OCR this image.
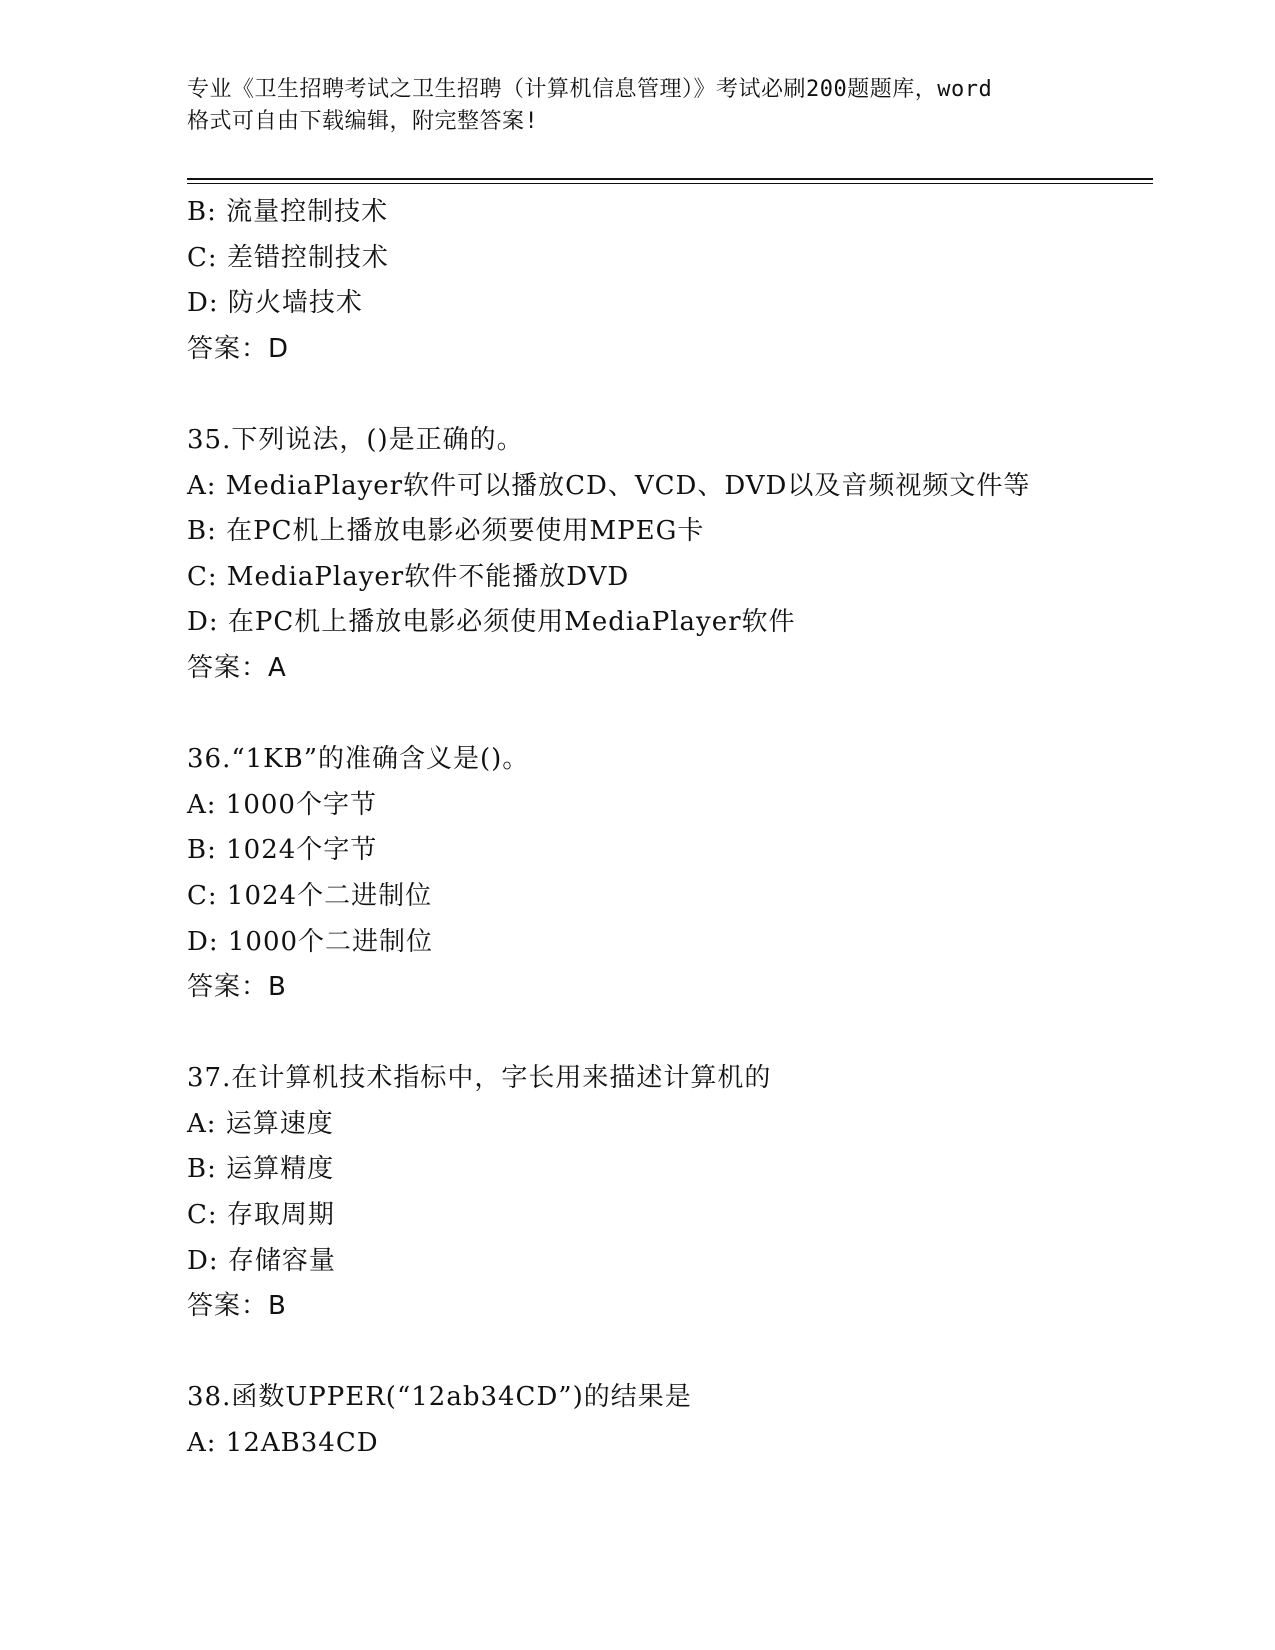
专业《卫生招聘考试之卫生招聘（计算机信息管理）》考试必刷200题题库，word
格式可自由下载编辑，附完整答案!
B: 流量控制技术
C: 差错控制技术
D: 防火墙技术
答案：D
35.下列说法，()是正确的。
A: MediaPlayer软件可以播放CD、VCD、DVD以及音频视频文件等
B: 在PC机上播放电影必须要使用MPEG卡
C: MediaPlayer软件不能播放DVD
D: 在PC机上播放电影必须使用MediaPlayer软件
答案：A
36.“1KB”的准确含义是()。
A: 1000个字节
B: 1024个字节
C: 1024个二进制位
D: 1000个二进制位
答案：B
37.在计算机技术指标中，字长用来描述计算机的
A: 运算速度
B: 运算精度
C: 存取周期
D: 存储容量
答案：B
38.函数UPPER(“12ab34CD”)的结果是
A: 12AB34CD
